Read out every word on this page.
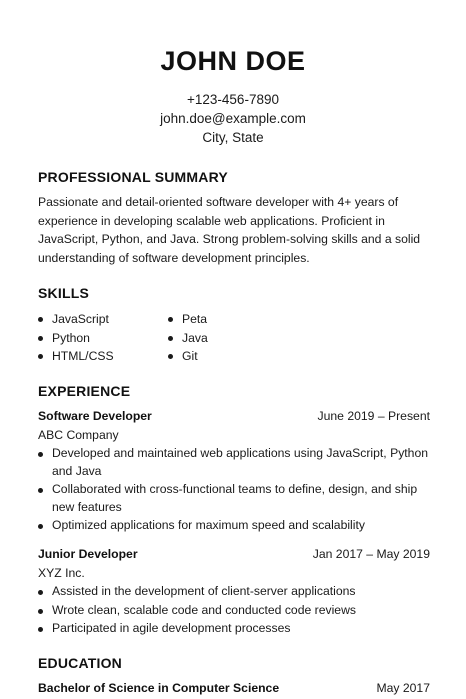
JOHN DOE
+123-456-7890
john.doe@example.com
City, State
PROFESSIONAL SUMMARY
Passionate and detail-oriented software developer with 4+ years of experience in developing scalable web applications. Proficient in JavaScript, Python, and Java. Strong problem-solving skills and a solid understanding of software development principles.
SKILLS
JavaScript
Python
HTML/CSS
Peta
Java
Git
EXPERIENCE
Software Developer	June 2019 – Present
ABC Company
Developed and maintained web applications using JavaScript, Python and Java
Collaborated with cross-functional teams to define, design, and ship new features
Optimized applications for maximum speed and scalability
Junior Developer	Jan 2017 – May 2019
XYZ Inc.
Assisted in the development of client-server applications
Wrote clean, scalable code and conducted code reviews
Participated in agile development processes
EDUCATION
Bachelor of Science in Computer Science	May 2017
